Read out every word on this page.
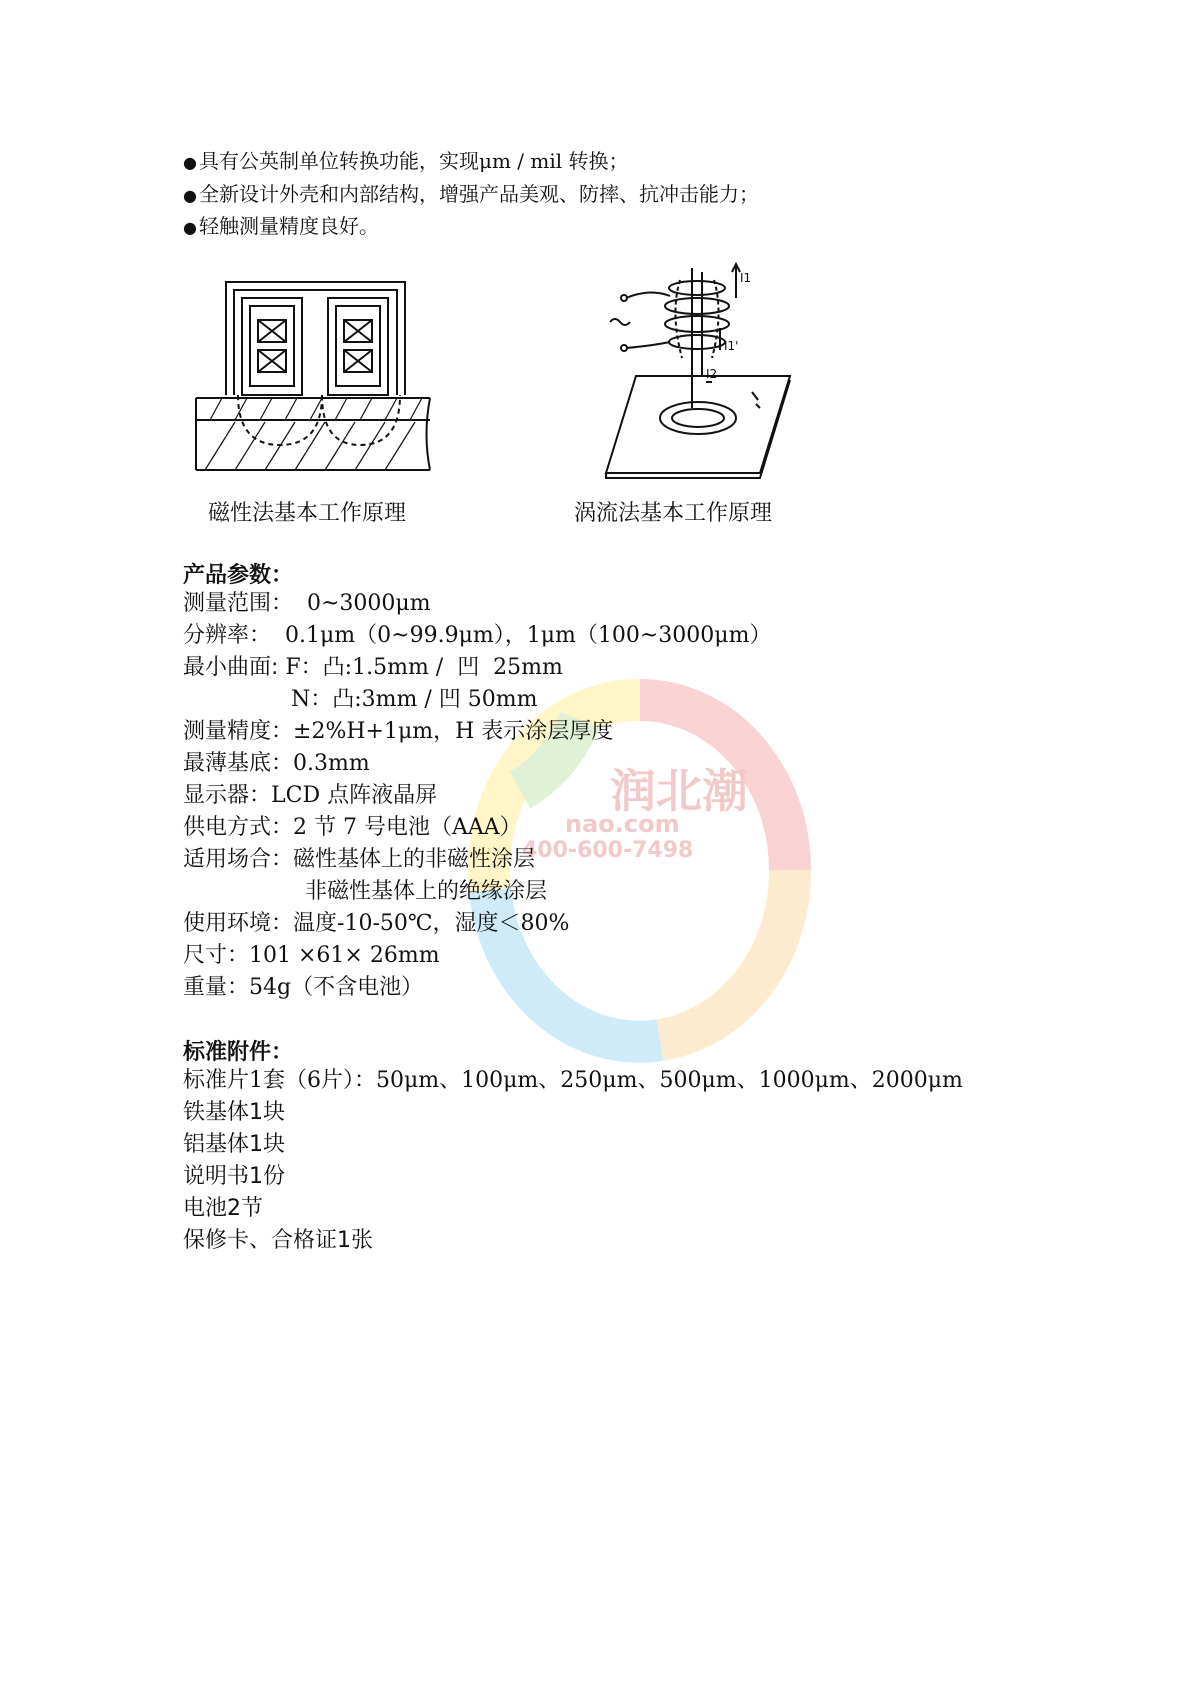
润北潮
nao.com
400-600-7498
● 具有公英制单位转换功能，实现μm / mil 转换；
● 全新设计外壳和内部结构，增强产品美观、防摔、抗冲击能力；
● 轻触测量精度良好。
磁性法基本工作原理
I1
I1'
I2
涡流法基本工作原理
产品参数：
测量范围：  0~3000μm
分辨率：  0.1μm（0~99.9μm），1μm（100~3000μm）
最小曲面: F：凸:1.5mm /  凹  25mm
N：凸:3mm / 凹 50mm
测量精度：±2%H+1μm，H 表示涂层厚度
最薄基底：0.3mm
显示器：LCD 点阵液晶屏
供电方式：2 节 7 号电池（AAA）
适用场合：磁性基体上的非磁性涂层
非磁性基体上的绝缘涂层
使用环境：温度-10-50℃，湿度＜80%
尺寸：101 ×61× 26mm
重量：54g（不含电池）
标准附件：
标准片1套（6片）：50μm、100μm、250μm、500μm、1000μm、2000μm
铁基体1块
铝基体1块
说明书1份
电池2节
保修卡、合格证1张
